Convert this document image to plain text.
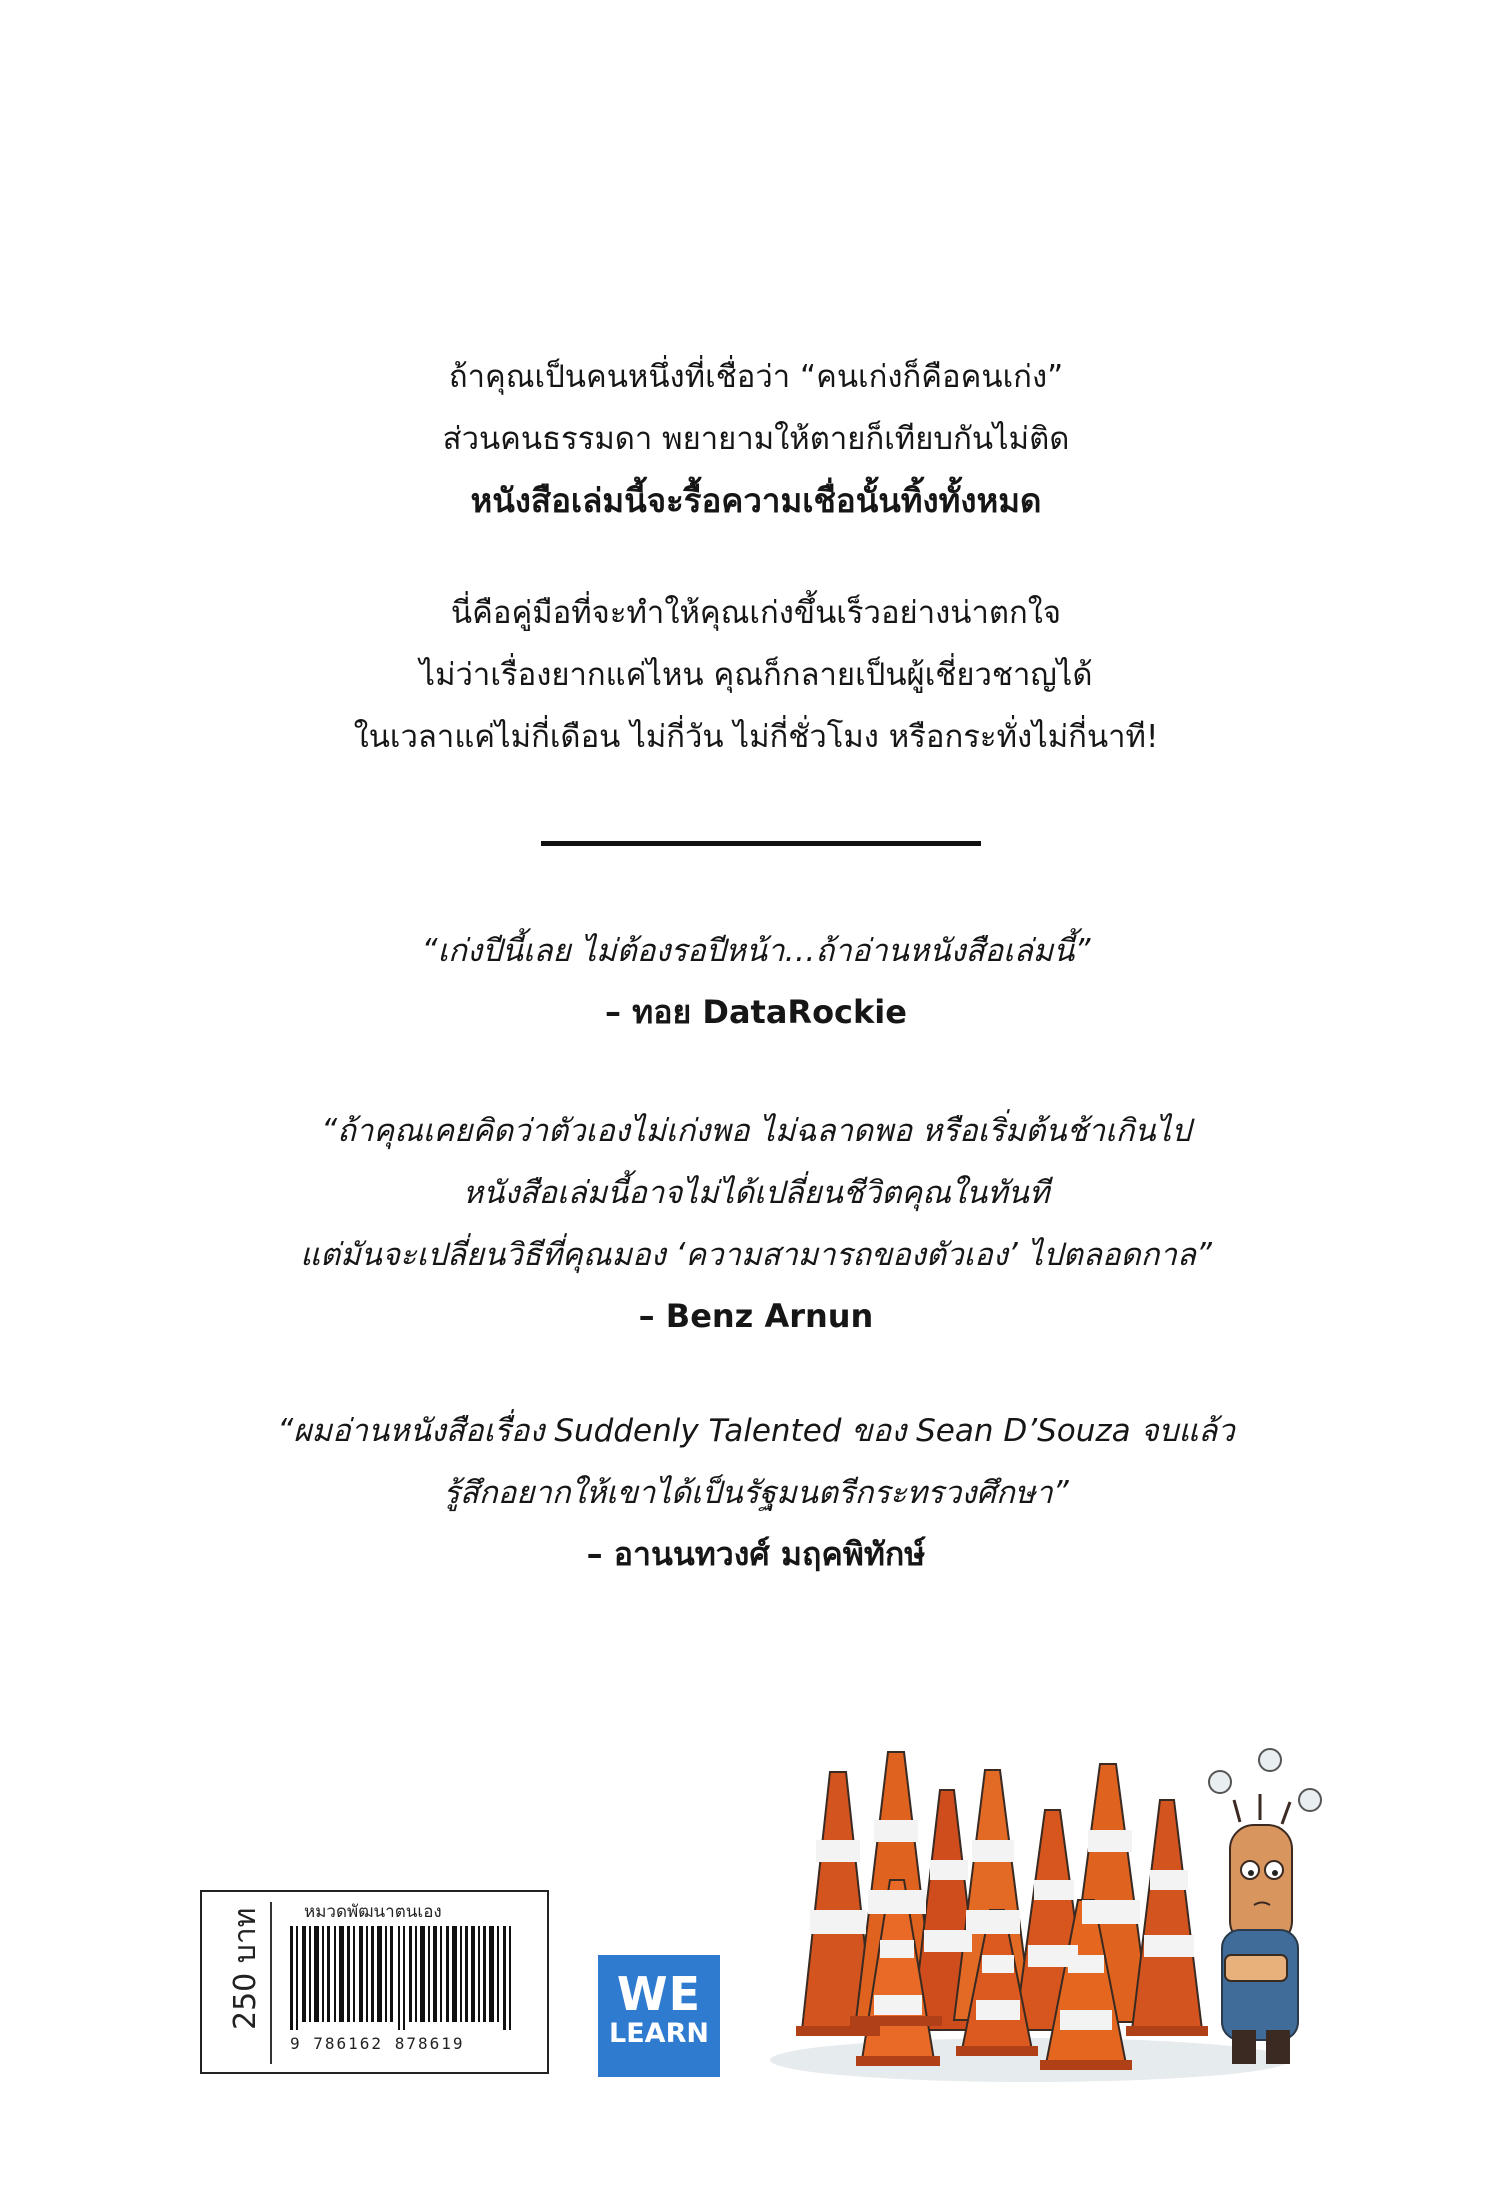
ถ้าคุณเป็นคนหนึ่งที่เชื่อว่า “คนเก่งก็คือคนเก่ง”
ส่วนคนธรรมดา พยายามให้ตายก็เทียบกันไม่ติด
หนังสือเล่มนี้จะรื้อความเชื่อนั้นทิ้งทั้งหมด
นี่คือคู่มือที่จะทำให้คุณเก่งขึ้นเร็วอย่างน่าตกใจ
ไม่ว่าเรื่องยากแค่ไหน คุณก็กลายเป็นผู้เชี่ยวชาญได้
ในเวลาแค่ไม่กี่เดือน ไม่กี่วัน ไม่กี่ชั่วโมง หรือกระทั่งไม่กี่นาที!
“เก่งปีนี้เลย ไม่ต้องรอปีหน้า…ถ้าอ่านหนังสือเล่มนี้”
– ทอย DataRockie
“ถ้าคุณเคยคิดว่าตัวเองไม่เก่งพอ ไม่ฉลาดพอ หรือเริ่มต้นช้าเกินไป
หนังสือเล่มนี้อาจไม่ได้เปลี่ยนชีวิตคุณในทันที
แต่มันจะเปลี่ยนวิธีที่คุณมอง ‘ความสามารถของตัวเอง’ ไปตลอดกาล”
– Benz Arnun
“ผมอ่านหนังสือเรื่อง Suddenly Talented ของ Sean D’Souza จบแล้ว
รู้สึกอยากให้เขาได้เป็นรัฐมนตรีกระทรวงศึกษา”
– อานนทวงศ์ มฤคพิทักษ์
250 บาท หมวดพัฒนาตนเอง
9 786162 878619
WE
LEARN
